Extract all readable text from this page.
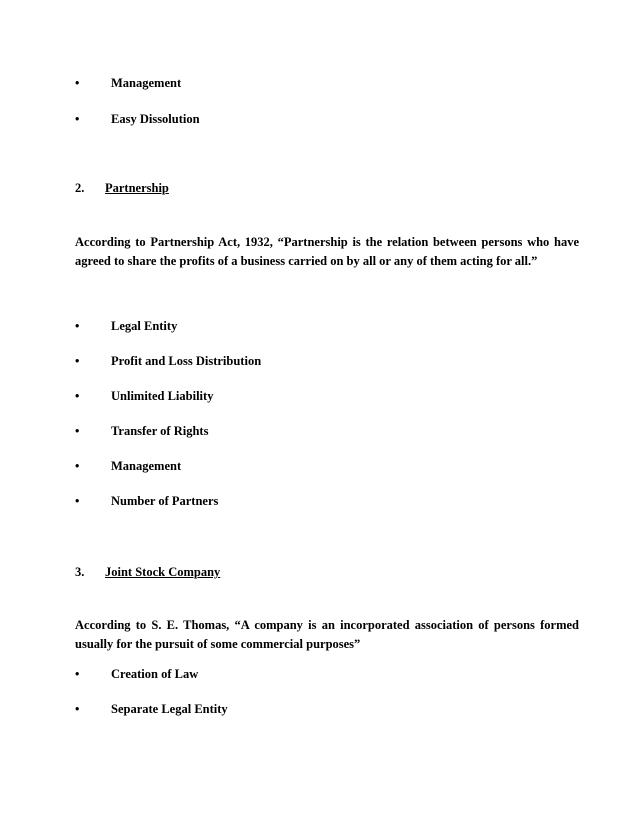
•	Management
•	Easy Dissolution
2. Partnership
According to Partnership Act, 1932, “Partnership is the relation between persons who have agreed to share the profits of a business carried on by all or any of them acting for all.”
•	Legal Entity
•	Profit and Loss Distribution
•	Unlimited Liability
•	Transfer of Rights
•	Management
•	Number of Partners
3. Joint Stock Company
According to S. E. Thomas, “A company is an incorporated association of persons formed usually for the pursuit of some commercial purposes”
•	Creation of Law
•	Separate Legal Entity
